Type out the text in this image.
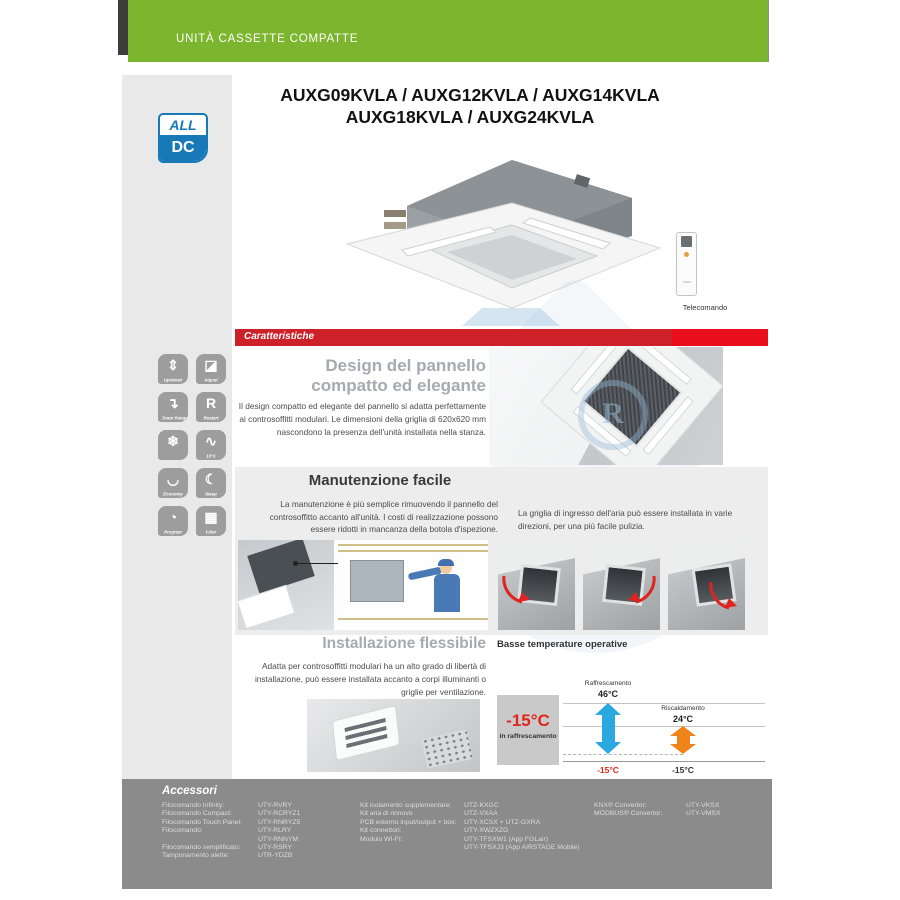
UNITÀ CASSETTE COMPATTE
ALL
DC
⇕
Up/down
◪
Adjust
↴
Drain Pump
R
Restart
❄	∿
10°C
◡
Economy
☾
Sleep
◔
Program
▦
Filter
AUXG09KVLA / AUXG12KVLA / AUXG14KVLA
AUXG18KVLA / AUXG24KVLA
Telecomando
Caratteristiche
Design del pannello
compatto ed elegante
Il design compatto ed elegante del pannello si adatta perfettamente ai controsoffitti modulari. Le dimensioni della griglia di 620x620 mm nascondono la presenza dell'unità installata nella stanza.
R
Manutenzione facile
La manutenzione è più semplice rimuovendo il pannello del controsoffitto accanto all'unità. I costi di realizzazione possono essere ridotti in mancanza della botola d'ispezione.
La griglia di ingresso dell'aria può essere installata in varie direzioni, per una più facile pulizia.
Installazione flessibile
Adatta per controsoffitti modulari ha un alto grado di libertà di installazione, può essere installata accanto a corpi illuminanti o griglie per ventilazione.
Basse temperature operative
-15°C
in raffrescamento
Raffrescamento
46°C
Riscaldamento
24°C
-15°C	-15°C
Accessori
Filocomando Infinity:	UTY-RVRY
Filocomando Compact:	UTY-RCRYZ1
Filocomando Touch Panel:	UTY-RNRYZ5
Filocomando:	UTY-RLRY
UTY-RNNYM
Filocomando semplificato:	UTY-RSRY
Tamponamento alette:	UTR-YDZB
Kit isolamento supplementare:	UTZ-KXGC
Kit aria di rinnovo	UTZ-VXAA
PCB esterno input/output + box:	UTY-XCSX + UTZ-GXRA
Kit connettori:	UTY-XWZXZG
Modulo WI-FI:	UTY-TFSXW1 (App FGLair)
UTY-TFSXJ3 (App AIRSTAGE Mobile)
KNX® Convertor:	UTY-VKSX
MODBUS® Convertor:	UTY-VMSX
